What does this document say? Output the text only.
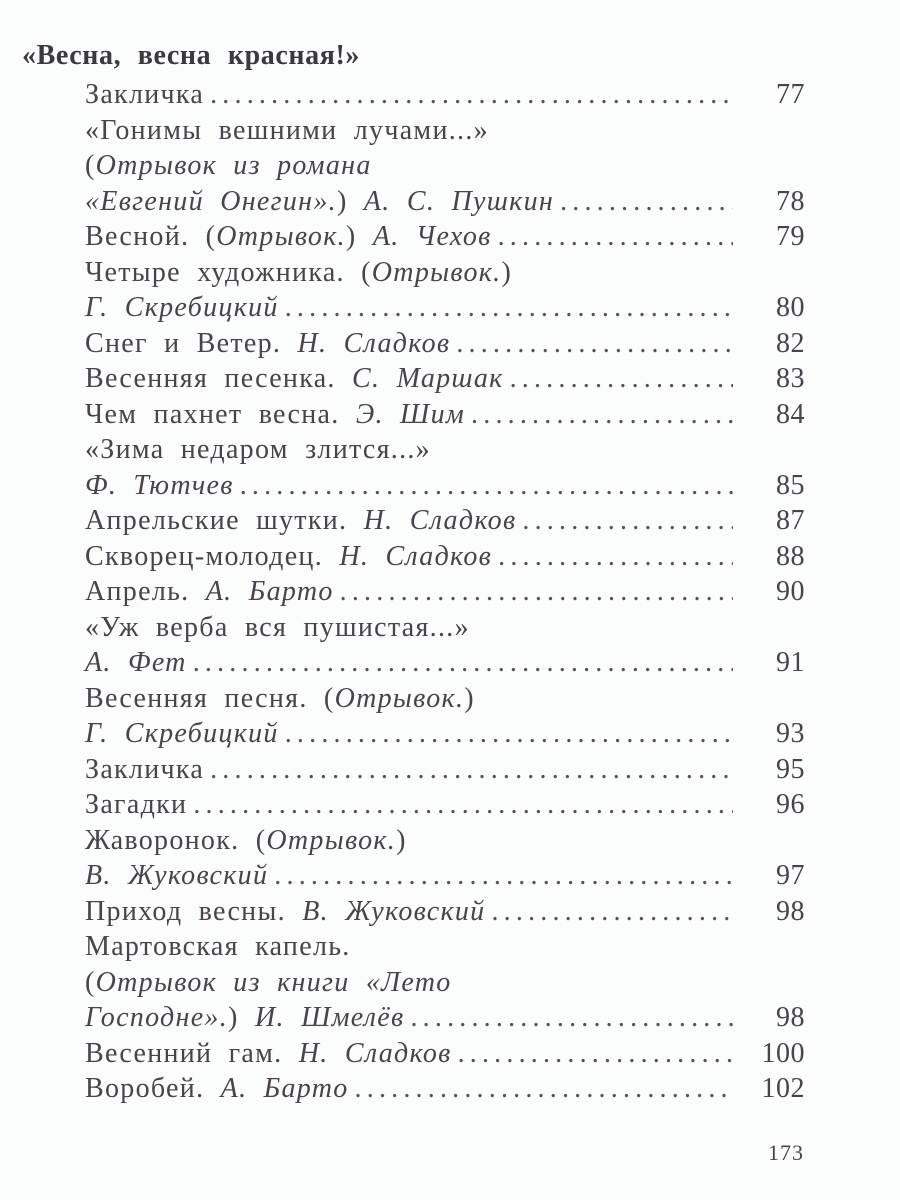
«Весна, весна красная!»
Закличка .....	77
«Гонимы вешними лучами...»
(Отрывок из романа
«Евгений Онегин».) А. С. Пушкин .....	78
Весной. (Отрывок.) А. Чехов .....	79
Четыре художника. (Отрывок.)
Г. Скребицкий .....	80
Снег и Ветер. Н. Сладков .....	82
Весенняя песенка. С. Маршак .....	83
Чем пахнет весна. Э. Шим .....	84
«Зима недаром злится...»
Ф. Тютчев .....	85
Апрельские шутки. Н. Сладков .....	87
Скворец-молодец. Н. Сладков .....	88
Апрель. А. Барто .....	90
«Уж верба вся пушистая...»
А. Фет .....	91
Весенняя песня. (Отрывок.)
Г. Скребицкий .....	93
Закличка .....	95
Загадки .....	96
Жаворонок. (Отрывок.)
В. Жуковский .....	97
Приход весны. В. Жуковский .....	98
Мартовская капель.
(Отрывок из книги «Лето
Господне».) И. Шмелёв .....	98
Весенний гам. Н. Сладков .....	100
Воробей. А. Барто .....	102
173
